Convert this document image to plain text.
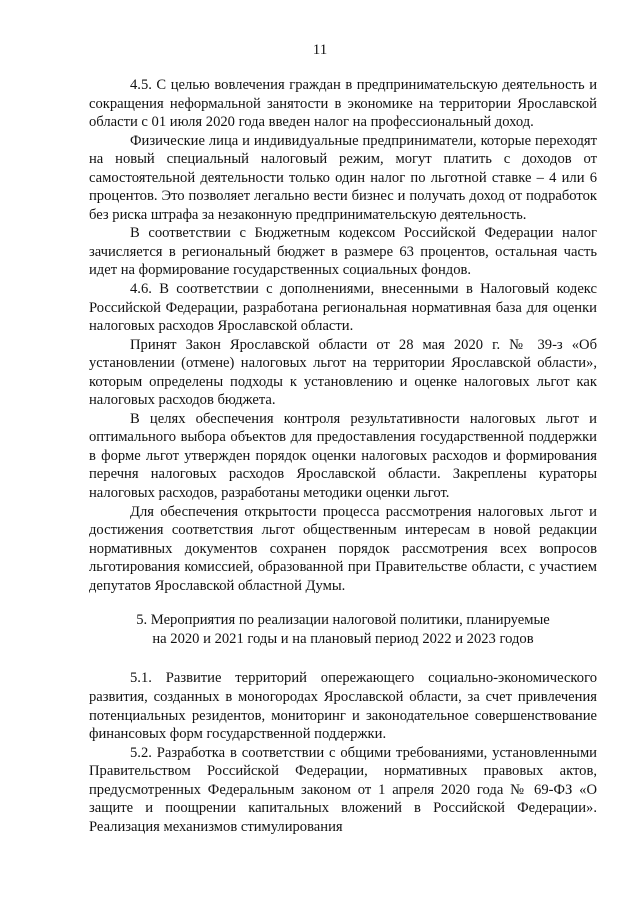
11

4.5. С целью вовлечения граждан в предпринимательскую деятельность и сокращения неформальной занятости в экономике на территории Ярославской области с 01 июля 2020 года введен налог на профессиональный доход.

Физические лица и индивидуальные предприниматели, которые переходят на новый специальный налоговый режим, могут платить с доходов от самостоятельной деятельности только один налог по льготной ставке – 4 или 6 процентов. Это позволяет легально вести бизнес и получать доход от подработок без риска штрафа за незаконную предпринимательскую деятельность.

В соответствии с Бюджетным кодексом Российской Федерации налог зачисляется в региональный бюджет в размере 63 процентов, остальная часть идет на формирование государственных социальных фондов.

4.6. В соответствии с дополнениями, внесенными в Налоговый кодекс Российской Федерации, разработана региональная нормативная база для оценки налоговых расходов Ярославской области.

Принят Закон Ярославской области от 28 мая 2020 г. № 39-з «Об установлении (отмене) налоговых льгот на территории Ярославской области», которым определены подходы к установлению и оценке налоговых льгот как налоговых расходов бюджета.

В целях обеспечения контроля результативности налоговых льгот и оптимального выбора объектов для предоставления государственной поддержки в форме льгот утвержден порядок оценки налоговых расходов и формирования перечня налоговых расходов Ярославской области. Закреплены кураторы налоговых расходов, разработаны методики оценки льгот.

Для обеспечения открытости процесса рассмотрения налоговых льгот и достижения соответствия льгот общественным интересам в новой редакции нормативных документов сохранен порядок рассмотрения всех вопросов льготирования комиссией, образованной при Правительстве области, с участием депутатов Ярославской областной Думы.

5. Мероприятия по реализации налоговой политики, планируемые
на 2020 и 2021 годы и на плановый период 2022 и 2023 годов

5.1. Развитие территорий опережающего социально-экономического развития, созданных в моногородах Ярославской области, за счет привлечения потенциальных резидентов, мониторинг и законодательное совершенствование финансовых форм государственной поддержки.

5.2. Разработка в соответствии с общими требованиями, установленными Правительством Российской Федерации, нормативных правовых актов, предусмотренных Федеральным законом от 1 апреля 2020 года № 69-ФЗ «О защите и поощрении капитальных вложений в Российской Федерации». Реализация механизмов стимулирования
